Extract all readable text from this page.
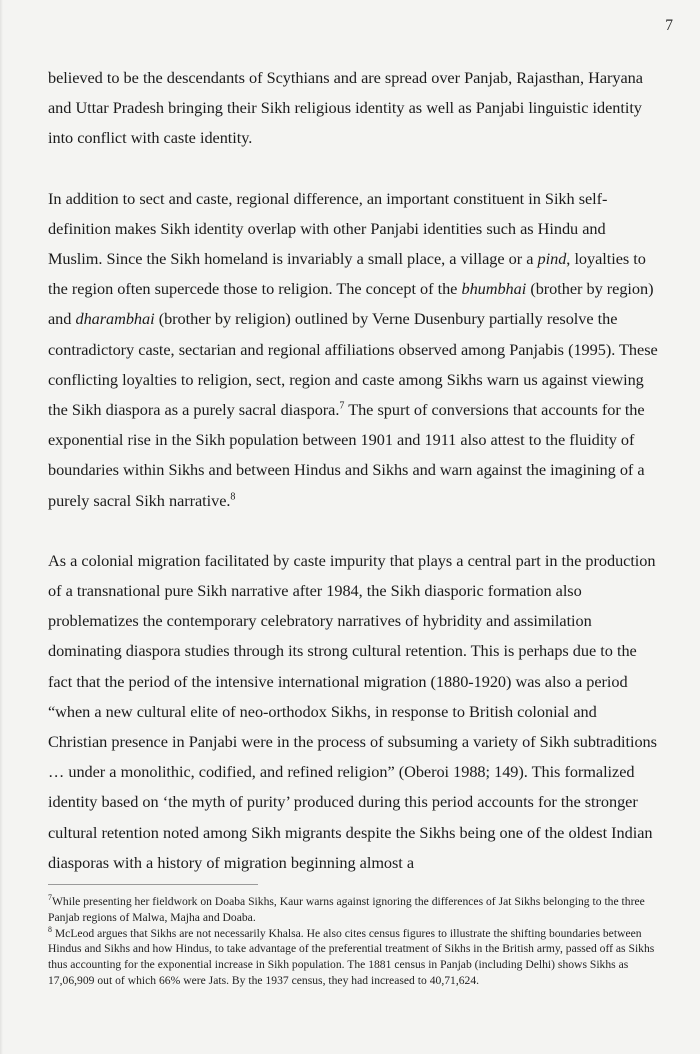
7

believed to be the descendants of Scythians and are spread over Panjab, Rajasthan, Haryana and Uttar Pradesh bringing their Sikh religious identity as well as Panjabi linguistic identity into conflict with caste identity.

In addition to sect and caste, regional difference, an important constituent in Sikh self-definition makes Sikh identity overlap with other Panjabi identities such as Hindu and Muslim. Since the Sikh homeland is invariably a small place, a village or a pind, loyalties to the region often supercede those to religion. The concept of the bhumbhai (brother by region) and dharambhai (brother by religion) outlined by Verne Dusenbury partially resolve the contradictory caste, sectarian and regional affiliations observed among Panjabis (1995). These conflicting loyalties to religion, sect, region and caste among Sikhs warn us against viewing the Sikh diaspora as a purely sacral diaspora.$^7$ The spurt of conversions that accounts for the exponential rise in the Sikh population between 1901 and 1911 also attest to the fluidity of boundaries within Sikhs and between Hindus and Sikhs and warn against the imagining of a purely sacral Sikh narrative.$^8$

As a colonial migration facilitated by caste impurity that plays a central part in the production of a transnational pure Sikh narrative after 1984, the Sikh diasporic formation also problematizes the contemporary celebratory narratives of hybridity and assimilation dominating diaspora studies through its strong cultural retention. This is perhaps due to the fact that the period of the intensive international migration (1880-1920) was also a period “when a new cultural elite of neo-orthodox Sikhs, in response to British colonial and Christian presence in Panjabi were in the process of subsuming a variety of Sikh subtraditions … under a monolithic, codified, and refined religion” (Oberoi 1988; 149). This formalized identity based on ‘the myth of purity’ produced during this period accounts for the stronger cultural retention noted among Sikh migrants despite the Sikhs being one of the oldest Indian diasporas with a history of migration beginning almost a

$^7$While presenting her fieldwork on Doaba Sikhs, Kaur warns against ignoring the differences of Jat Sikhs belonging to the three Panjab regions of Malwa, Majha and Doaba.

$^8$ McLeod argues that Sikhs are not necessarily Khalsa. He also cites census figures to illustrate the shifting boundaries between Hindus and Sikhs and how Hindus, to take advantage of the preferential treatment of Sikhs in the British army, passed off as Sikhs thus accounting for the exponential increase in Sikh population. The 1881 census in Panjab (including Delhi) shows Sikhs as 17,06,909 out of which 66% were Jats. By the 1937 census, they had increased to 40,71,624.
